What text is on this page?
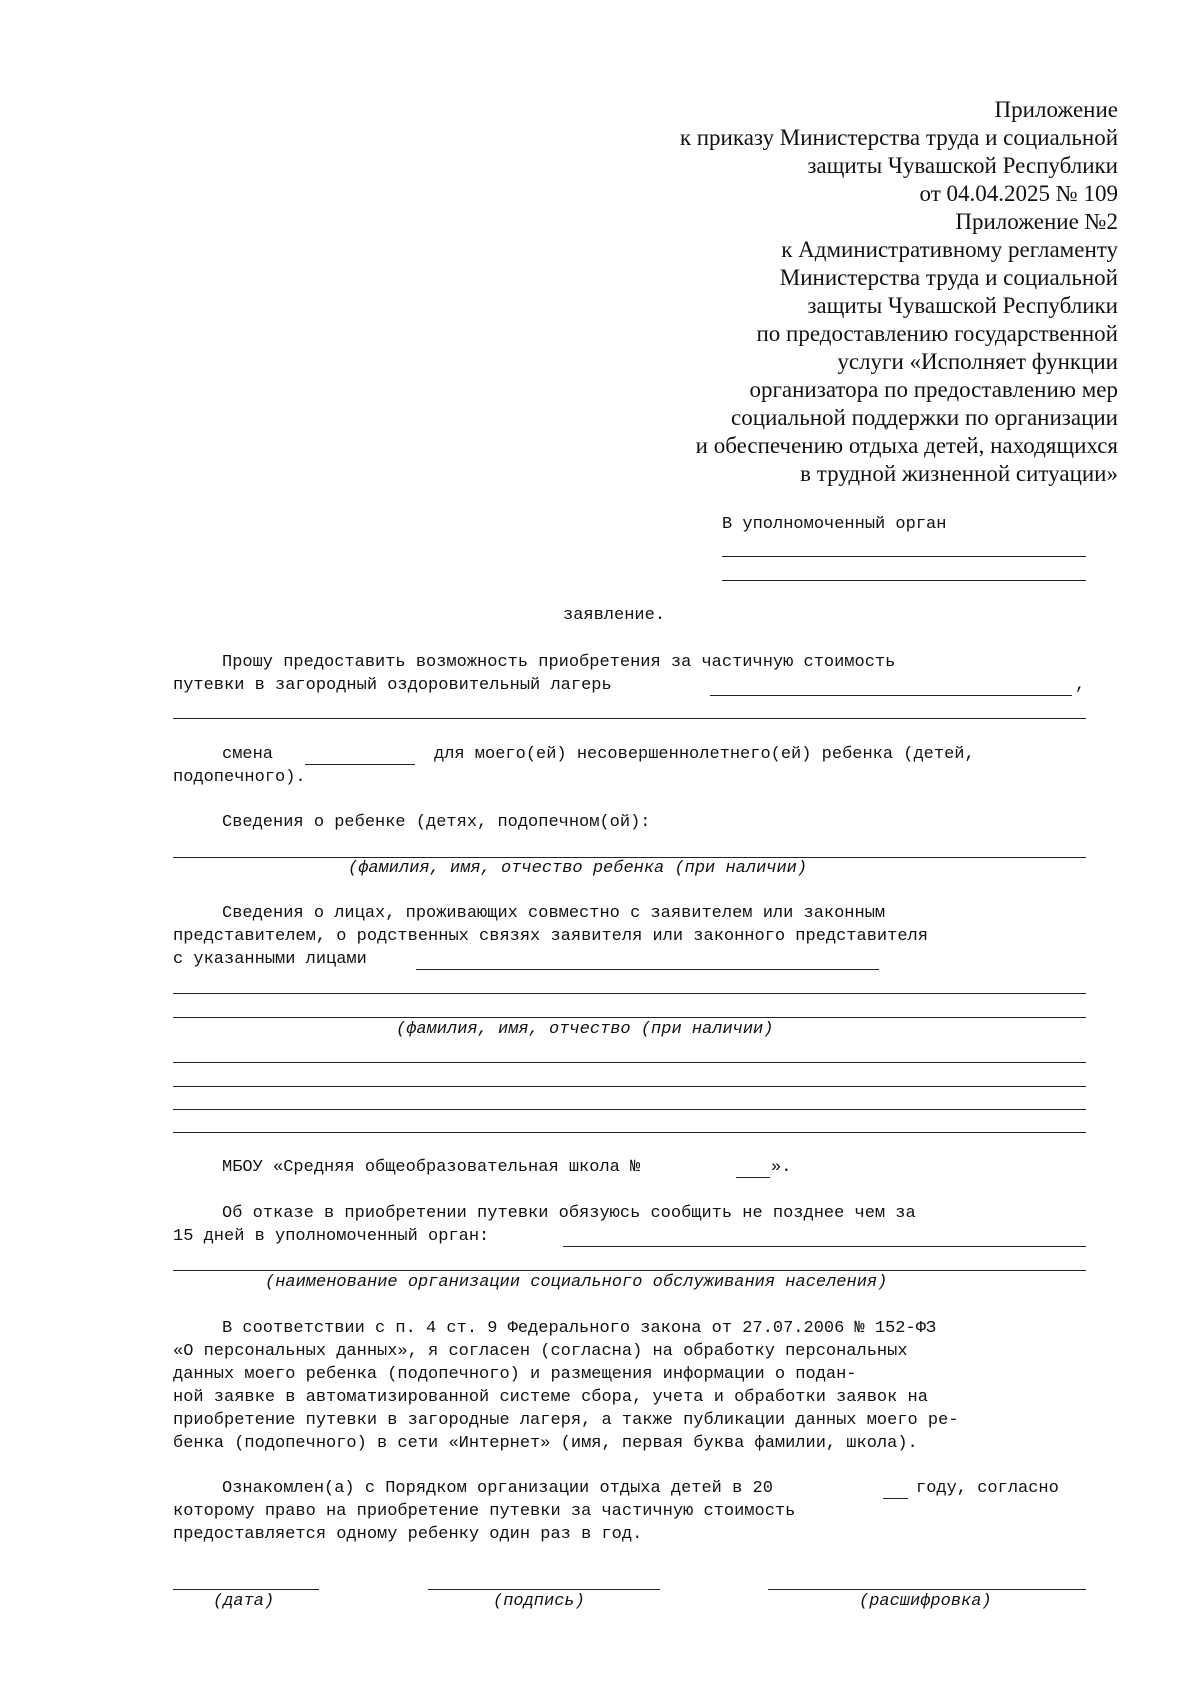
Приложение
к приказу Министерства труда и социальной
защиты Чувашской Республики
от 04.04.2025 № 109
Приложение №2
к Административному регламенту
Министерства труда и социальной
защиты Чувашской Республики
по предоставлению государственной
услуги «Исполняет функции
организатора по предоставлению мер
социальной поддержки по организации
и обеспечению отдыха детей, находящихся
в трудной жизненной ситуации»
В уполномоченный орган
заявление.
Прошу предоставить возможность приобретения за частичную стоимость
путевки в загородный оздоровительный лагерь	,
смена	для моего(ей) несовершеннолетнего(ей) ребенка (детей,
подопечного).
Сведения о ребенке (детях, подопечном(ой):
(фамилия, имя, отчество ребенка (при наличии)
Сведения о лицах, проживающих совместно с заявителем или законным
представителем, о родственных связях заявителя или законного представителя
с указанными лицами
(фамилия, имя, отчество (при наличии)
МБОУ «Средняя общеобразовательная школа №	».
Об отказе в приобретении путевки обязуюсь сообщить не позднее чем за
15 дней в уполномоченный орган:
(наименование организации социального обслуживания населения)
В соответствии с п. 4 ст. 9 Федерального закона от 27.07.2006 № 152-ФЗ
«О персональных данных», я согласен (согласна) на обработку персональных
данных моего ребенка (подопечного) и размещения информации о подан-
ной заявке в автоматизированной системе сбора, учета и обработки заявок на
приобретение путевки в загородные лагеря, а также публикации данных моего ре-
бенка (подопечного) в сети «Интернет» (имя, первая буква фамилии, школа).
Ознакомлен(а) с Порядком организации отдыха детей в 20	году, согласно
которому право на приобретение путевки за частичную стоимость
предоставляется одному ребенку один раз в год.
(дата)	(подпись)	(расшифровка)
